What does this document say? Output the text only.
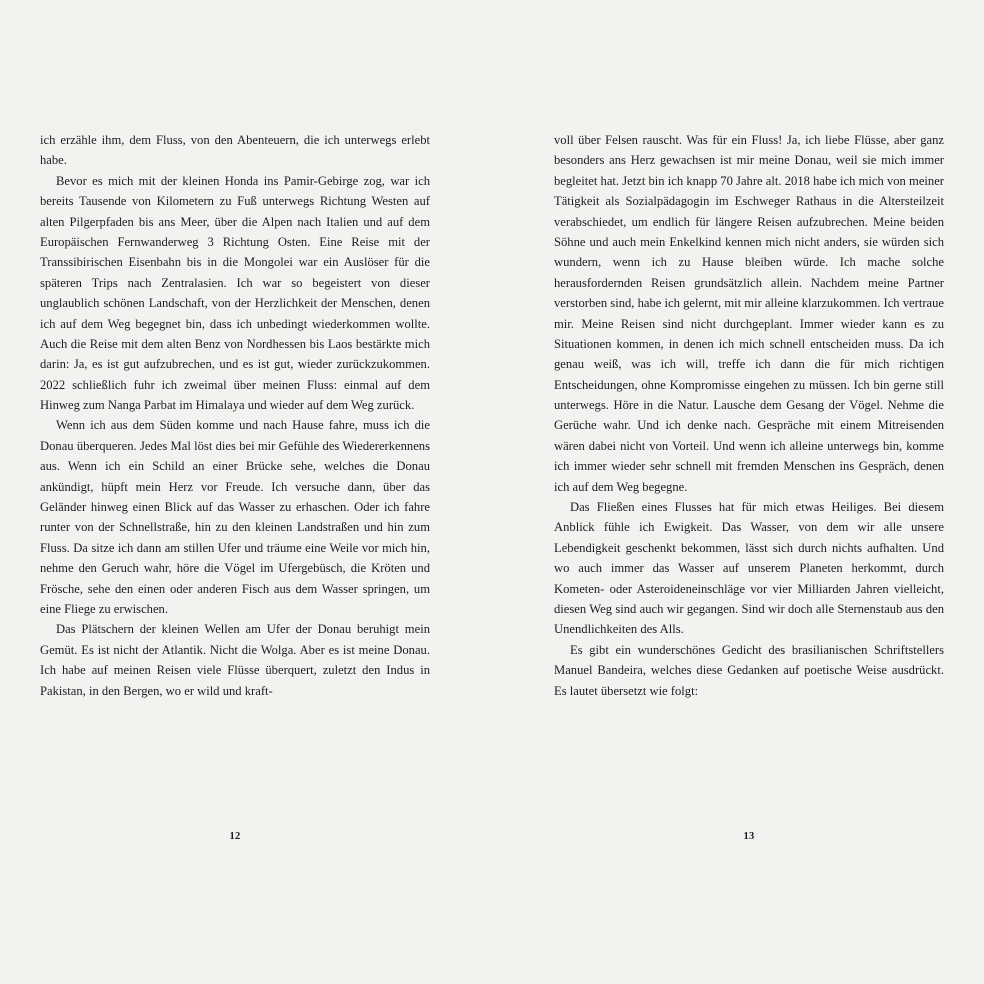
ich erzähle ihm, dem Fluss, von den Abenteuern, die ich unterwegs erlebt habe.

Bevor es mich mit der kleinen Honda ins Pamir-Gebirge zog, war ich bereits Tausende von Kilometern zu Fuß unterwegs Richtung Westen auf alten Pilgerpfaden bis ans Meer, über die Alpen nach Italien und auf dem Europäischen Fernwanderweg 3 Richtung Osten. Eine Reise mit der Transsibirischen Eisenbahn bis in die Mongolei war ein Auslöser für die späteren Trips nach Zentralasien. Ich war so begeistert von dieser unglaublich schönen Landschaft, von der Herzlichkeit der Menschen, denen ich auf dem Weg begegnet bin, dass ich unbedingt wiederkommen wollte. Auch die Reise mit dem alten Benz von Nordhessen bis Laos bestärkte mich darin: Ja, es ist gut aufzubrechen, und es ist gut, wieder zurückzukommen. 2022 schließlich fuhr ich zweimal über meinen Fluss: einmal auf dem Hinweg zum Nanga Parbat im Himalaya und wieder auf dem Weg zurück.

Wenn ich aus dem Süden komme und nach Hause fahre, muss ich die Donau überqueren. Jedes Mal löst dies bei mir Gefühle des Wiedererkennens aus. Wenn ich ein Schild an einer Brücke sehe, welches die Donau ankündigt, hüpft mein Herz vor Freude. Ich versuche dann, über das Geländer hinweg einen Blick auf das Wasser zu erhaschen. Oder ich fahre runter von der Schnellstraße, hin zu den kleinen Landstraßen und hin zum Fluss. Da sitze ich dann am stillen Ufer und träume eine Weile vor mich hin, nehme den Geruch wahr, höre die Vögel im Ufergebüsch, die Kröten und Frösche, sehe den einen oder anderen Fisch aus dem Wasser springen, um eine Fliege zu erwischen.

Das Plätschern der kleinen Wellen am Ufer der Donau beruhigt mein Gemüt. Es ist nicht der Atlantik. Nicht die Wolga. Aber es ist meine Donau. Ich habe auf meinen Reisen viele Flüsse überquert, zuletzt den Indus in Pakistan, in den Bergen, wo er wild und kraft-

12

voll über Felsen rauscht. Was für ein Fluss! Ja, ich liebe Flüsse, aber ganz besonders ans Herz gewachsen ist mir meine Donau, weil sie mich immer begleitet hat. Jetzt bin ich knapp 70 Jahre alt. 2018 habe ich mich von meiner Tätigkeit als Sozialpädagogin im Eschweger Rathaus in die Altersteilzeit verabschiedet, um endlich für längere Reisen aufzubrechen. Meine beiden Söhne und auch mein Enkelkind kennen mich nicht anders, sie würden sich wundern, wenn ich zu Hause bleiben würde. Ich mache solche herausfordernden Reisen grundsätzlich allein. Nachdem meine Partner verstorben sind, habe ich gelernt, mit mir alleine klarzukommen. Ich vertraue mir. Meine Reisen sind nicht durchgeplant. Immer wieder kann es zu Situationen kommen, in denen ich mich schnell entscheiden muss. Da ich genau weiß, was ich will, treffe ich dann die für mich richtigen Entscheidungen, ohne Kompromisse eingehen zu müssen. Ich bin gerne still unterwegs. Höre in die Natur. Lausche dem Gesang der Vögel. Nehme die Gerüche wahr. Und ich denke nach. Gespräche mit einem Mitreisenden wären dabei nicht von Vorteil. Und wenn ich alleine unterwegs bin, komme ich immer wieder sehr schnell mit fremden Menschen ins Gespräch, denen ich auf dem Weg begegne.

Das Fließen eines Flusses hat für mich etwas Heiliges. Bei diesem Anblick fühle ich Ewigkeit. Das Wasser, von dem wir alle unsere Lebendigkeit geschenkt bekommen, lässt sich durch nichts aufhalten. Und wo auch immer das Wasser auf unserem Planeten herkommt, durch Kometen- oder Asteroideneinschläge vor vier Milliarden Jahren vielleicht, diesen Weg sind auch wir gegangen. Sind wir doch alle Sternenstaub aus den Unendlichkeiten des Alls.

Es gibt ein wunderschönes Gedicht des brasilianischen Schriftstellers Manuel Bandeira, welches diese Gedanken auf poetische Weise ausdrückt. Es lautet übersetzt wie folgt:

13
